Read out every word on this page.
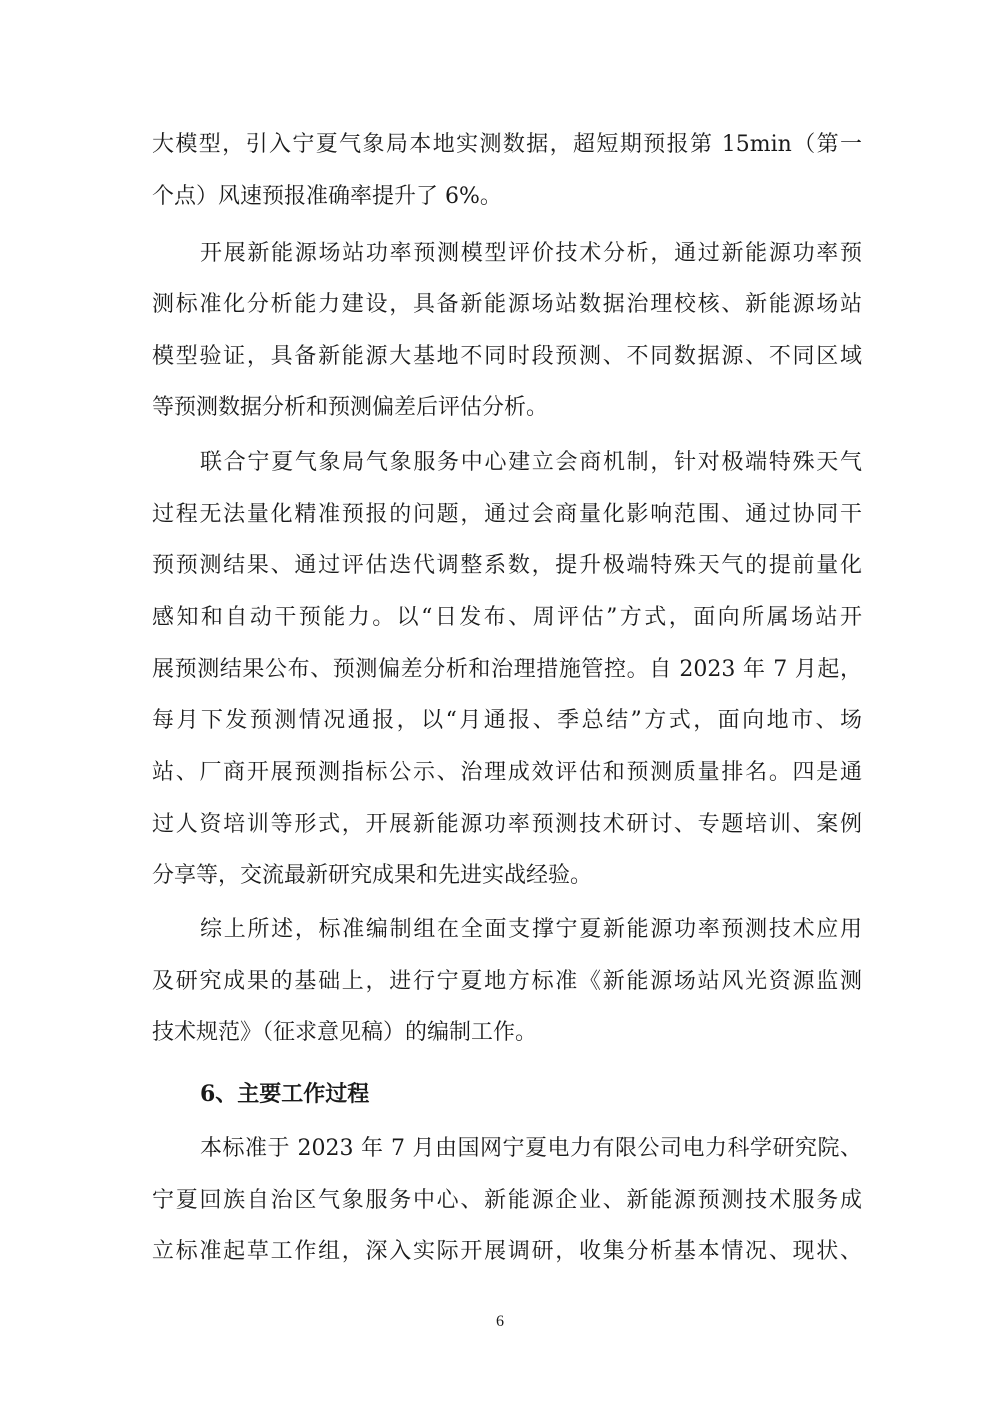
大模型，引入宁夏气象局本地实测数据，超短期预报第 15min（第一
个点）风速预报准确率提升了 6%。
开展新能源场站功率预测模型评价技术分析，通过新能源功率预
测标准化分析能力建设，具备新能源场站数据治理校核、新能源场站
模型验证，具备新能源大基地不同时段预测、不同数据源、不同区域
等预测数据分析和预测偏差后评估分析。
联合宁夏气象局气象服务中心建立会商机制，针对极端特殊天气
过程无法量化精准预报的问题，通过会商量化影响范围、通过协同干
预预测结果、通过评估迭代调整系数，提升极端特殊天气的提前量化
感知和自动干预能力。以“日发布、周评估”方式，面向所属场站开
展预测结果公布、预测偏差分析和治理措施管控。自 2023 年 7 月起，
每月下发预测情况通报，以“月通报、季总结”方式，面向地市、场
站、厂商开展预测指标公示、治理成效评估和预测质量排名。四是通
过人资培训等形式，开展新能源功率预测技术研讨、专题培训、案例
分享等，交流最新研究成果和先进实战经验。
综上所述，标准编制组在全面支撑宁夏新能源功率预测技术应用
及研究成果的基础上，进行宁夏地方标准《新能源场站风光资源监测
技术规范》（征求意见稿）的编制工作。
6、主要工作过程
本标准于 2023 年 7 月由国网宁夏电力有限公司电力科学研究院、
宁夏回族自治区气象服务中心、新能源企业、新能源预测技术服务成
立标准起草工作组，深入实际开展调研，收集分析基本情况、现状、
6
